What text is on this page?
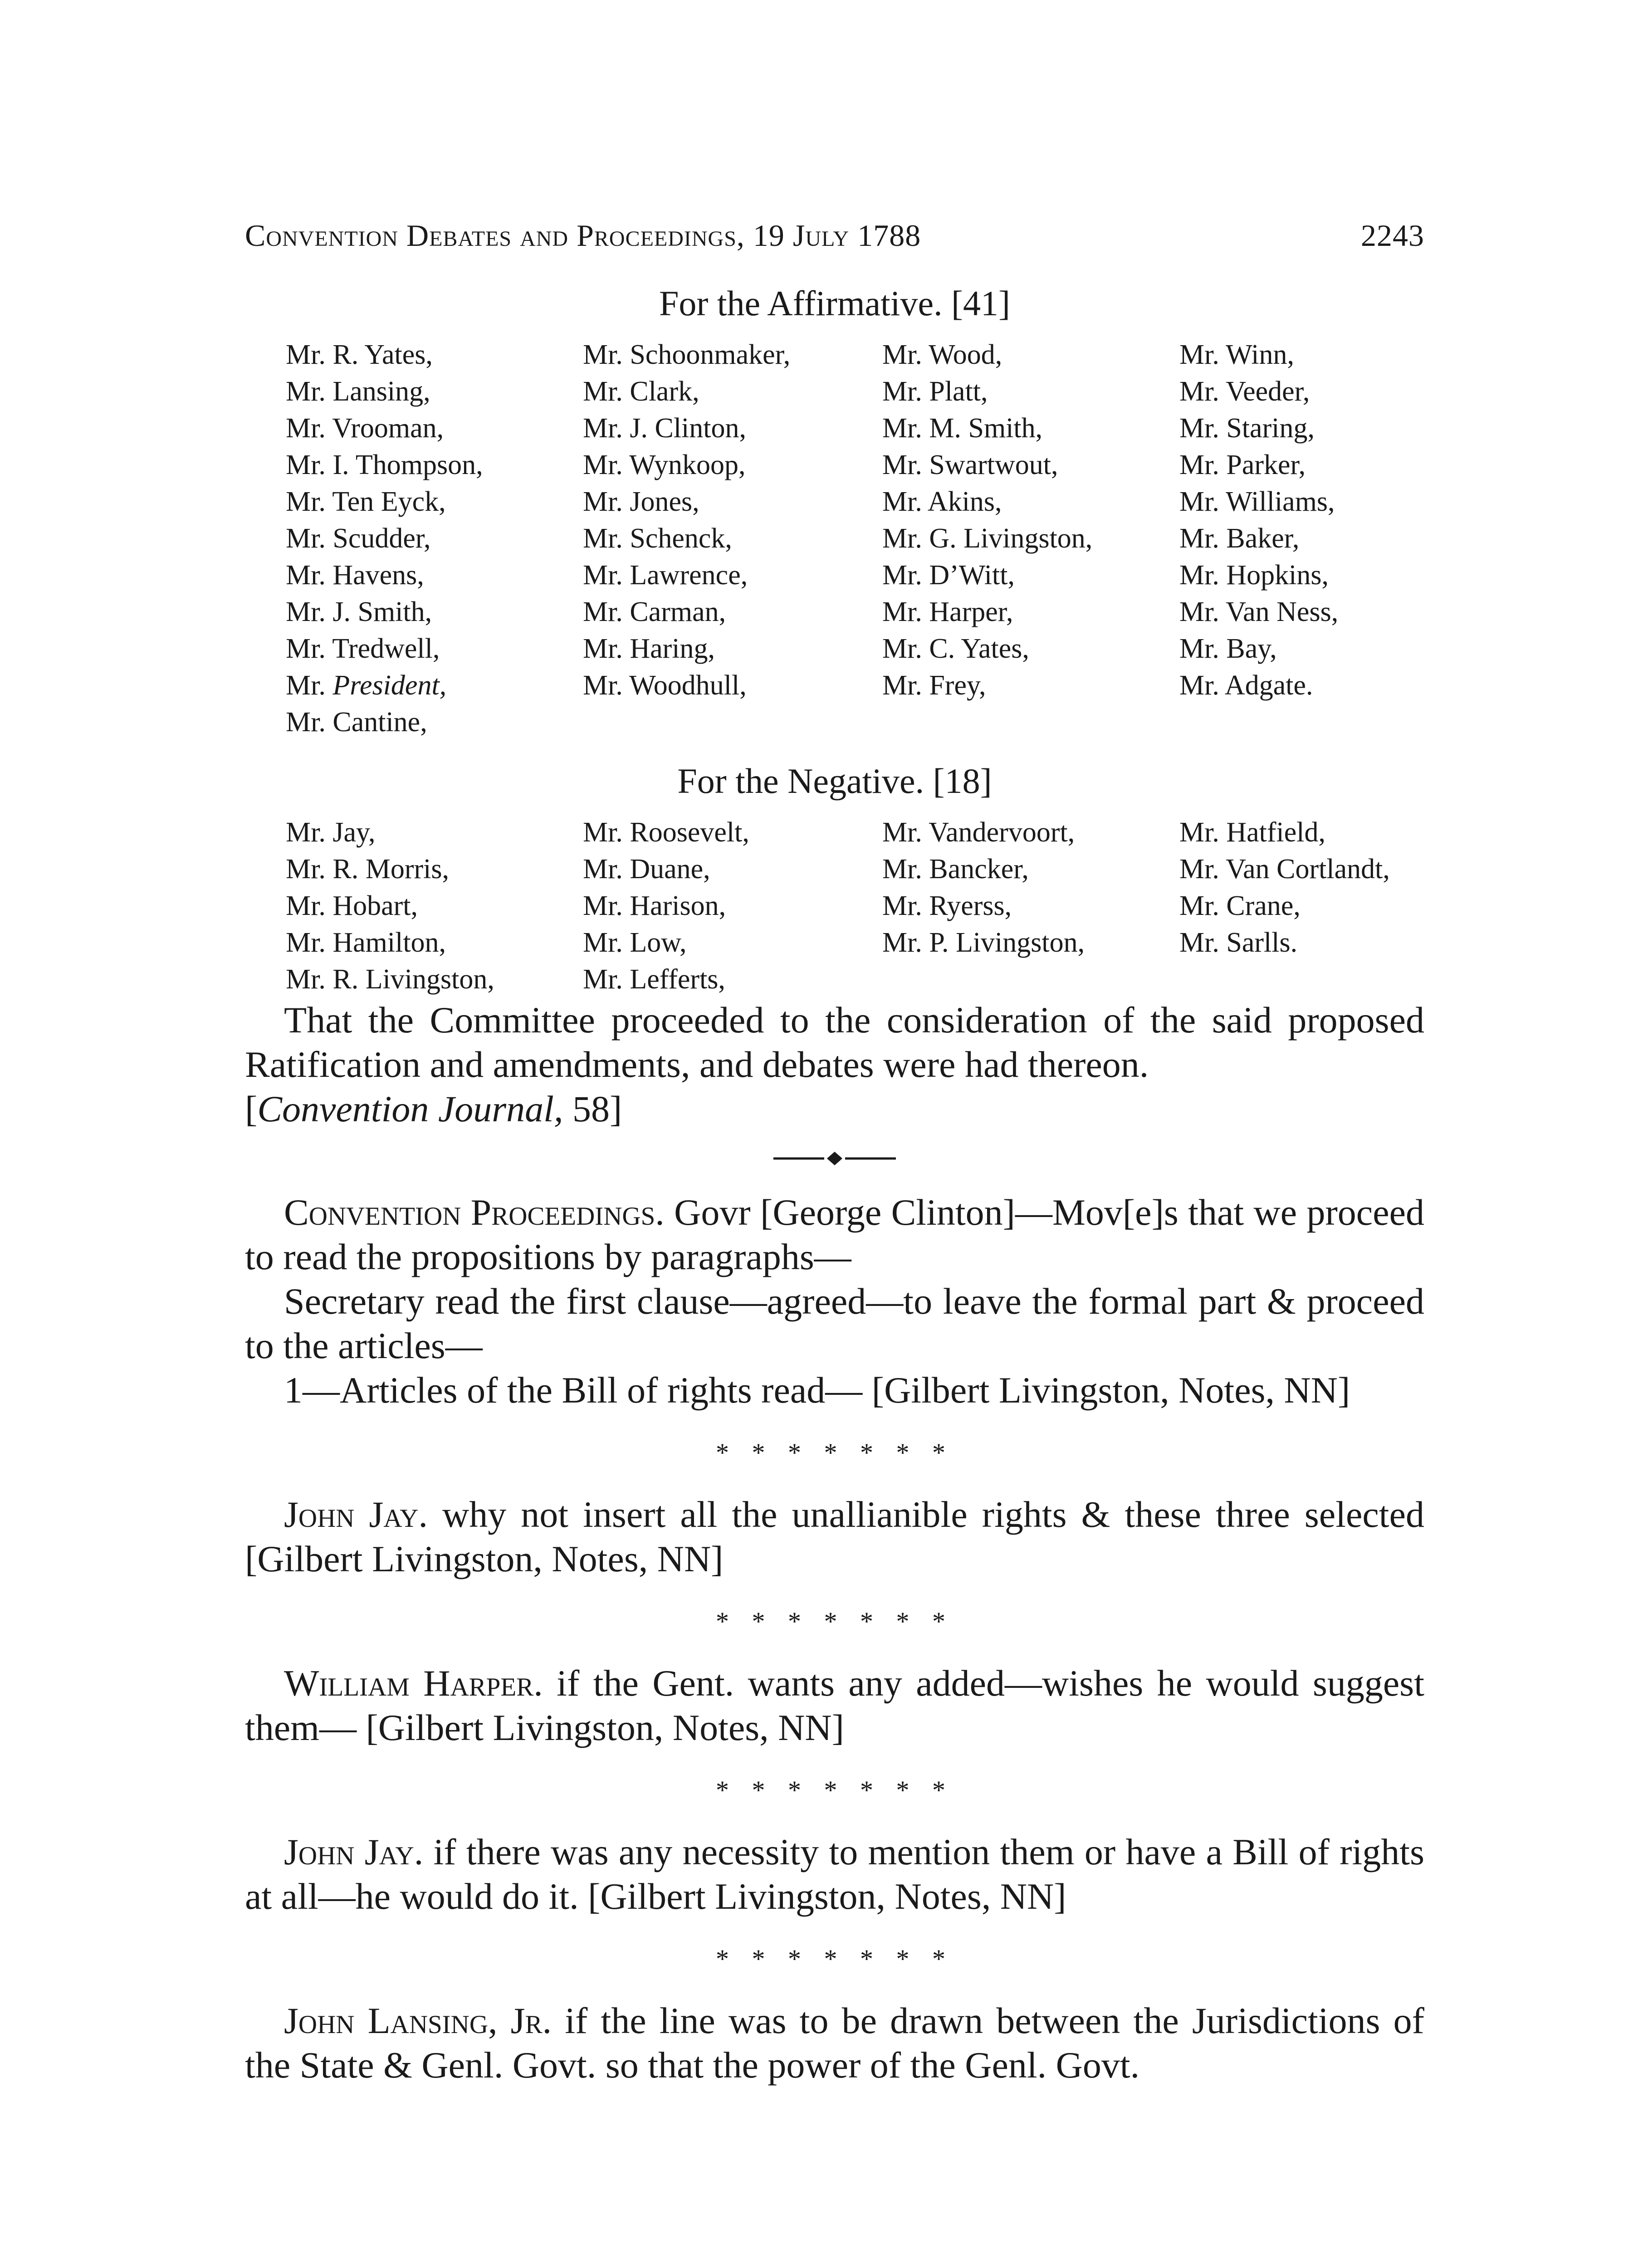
Convention Debates and Proceedings, 19 July 1788	2243
For the Affirmative. [41]
Mr. R. Yates,	Mr. Schoonmaker,	Mr. Wood,	Mr. Winn,
Mr. Lansing,	Mr. Clark,	Mr. Platt,	Mr. Veeder,
Mr. Vrooman,	Mr. J. Clinton,	Mr. M. Smith,	Mr. Staring,
Mr. I. Thompson,	Mr. Wynkoop,	Mr. Swartwout,	Mr. Parker,
Mr. Ten Eyck,	Mr. Jones,	Mr. Akins,	Mr. Williams,
Mr. Scudder,	Mr. Schenck,	Mr. G. Livingston,	Mr. Baker,
Mr. Havens,	Mr. Lawrence,	Mr. D’Witt,	Mr. Hopkins,
Mr. J. Smith,	Mr. Carman,	Mr. Harper,	Mr. Van Ness,
Mr. Tredwell,	Mr. Haring,	Mr. C. Yates,	Mr. Bay,
Mr. President,	Mr. Woodhull,	Mr. Frey,	Mr. Adgate.
Mr. Cantine,
For the Negative. [18]
Mr. Jay,	Mr. Roosevelt,	Mr. Vandervoort,	Mr. Hatfield,
Mr. R. Morris,	Mr. Duane,	Mr. Bancker,	Mr. Van Cortlandt,
Mr. Hobart,	Mr. Harison,	Mr. Ryerss,	Mr. Crane,
Mr. Hamilton,	Mr. Low,	Mr. P. Livingston,	Mr. Sarlls.
Mr. R. Livingston,	Mr. Lefferts,

That the Committee proceeded to the consideration of the said proposed Ratification and amendments, and debates were had thereon.
[Convention Journal, 58]

Convention Proceedings. Govr [George Clinton]—Mov[e]s that we proceed to read the propositions by paragraphs—

Secretary read the first clause—agreed—to leave the formal part & proceed to the articles—

1—Articles of the Bill of rights read— [Gilbert Livingston, Notes, NN]

* * * * * * *

John Jay. why not insert all the unallianible rights & these three selected [Gilbert Livingston, Notes, NN]

* * * * * * *

William Harper. if the Gent. wants any added—wishes he would suggest them— [Gilbert Livingston, Notes, NN]

* * * * * * *

John Jay. if there was any necessity to mention them or have a Bill of rights at all—he would do it. [Gilbert Livingston, Notes, NN]

* * * * * * *

John Lansing, Jr. if the line was to be drawn between the Jurisdictions of the State & Genl. Govt. so that the power of the Genl. Govt.
